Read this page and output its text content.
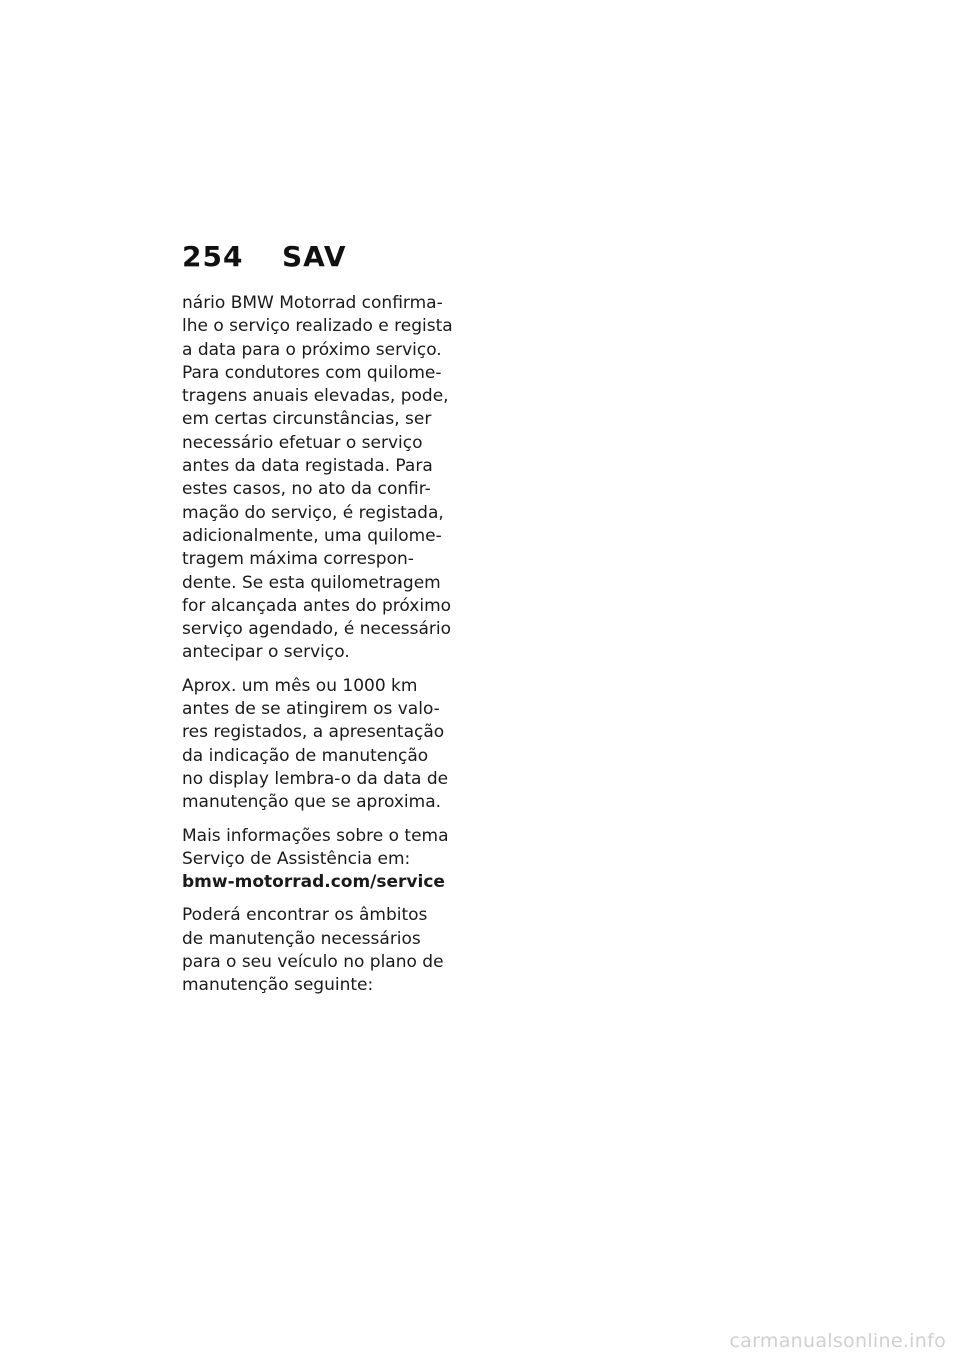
254	SAV

nário BMW Motorrad confirma-
lhe o serviço realizado e regista
a data para o próximo serviço.
Para condutores com quilome-
tragens anuais elevadas, pode,
em certas circunstâncias, ser
necessário efetuar o serviço
antes da data registada. Para
estes casos, no ato da confir-
mação do serviço, é registada,
adicionalmente, uma quilome-
tragem máxima correspon-
dente. Se esta quilometragem
for alcançada antes do próximo
serviço agendado, é necessário
antecipar o serviço.

Aprox. um mês ou 1000 km
antes de se atingirem os valo-
res registados, a apresentação
da indicação de manutenção
no display lembra-o da data de
manutenção que se aproxima.

Mais informações sobre o tema
Serviço de Assistência em:
bmw-motorrad.com/service

Poderá encontrar os âmbitos
de manutenção necessários
para o seu veículo no plano de
manutenção seguinte:

carmanualsonline.info
